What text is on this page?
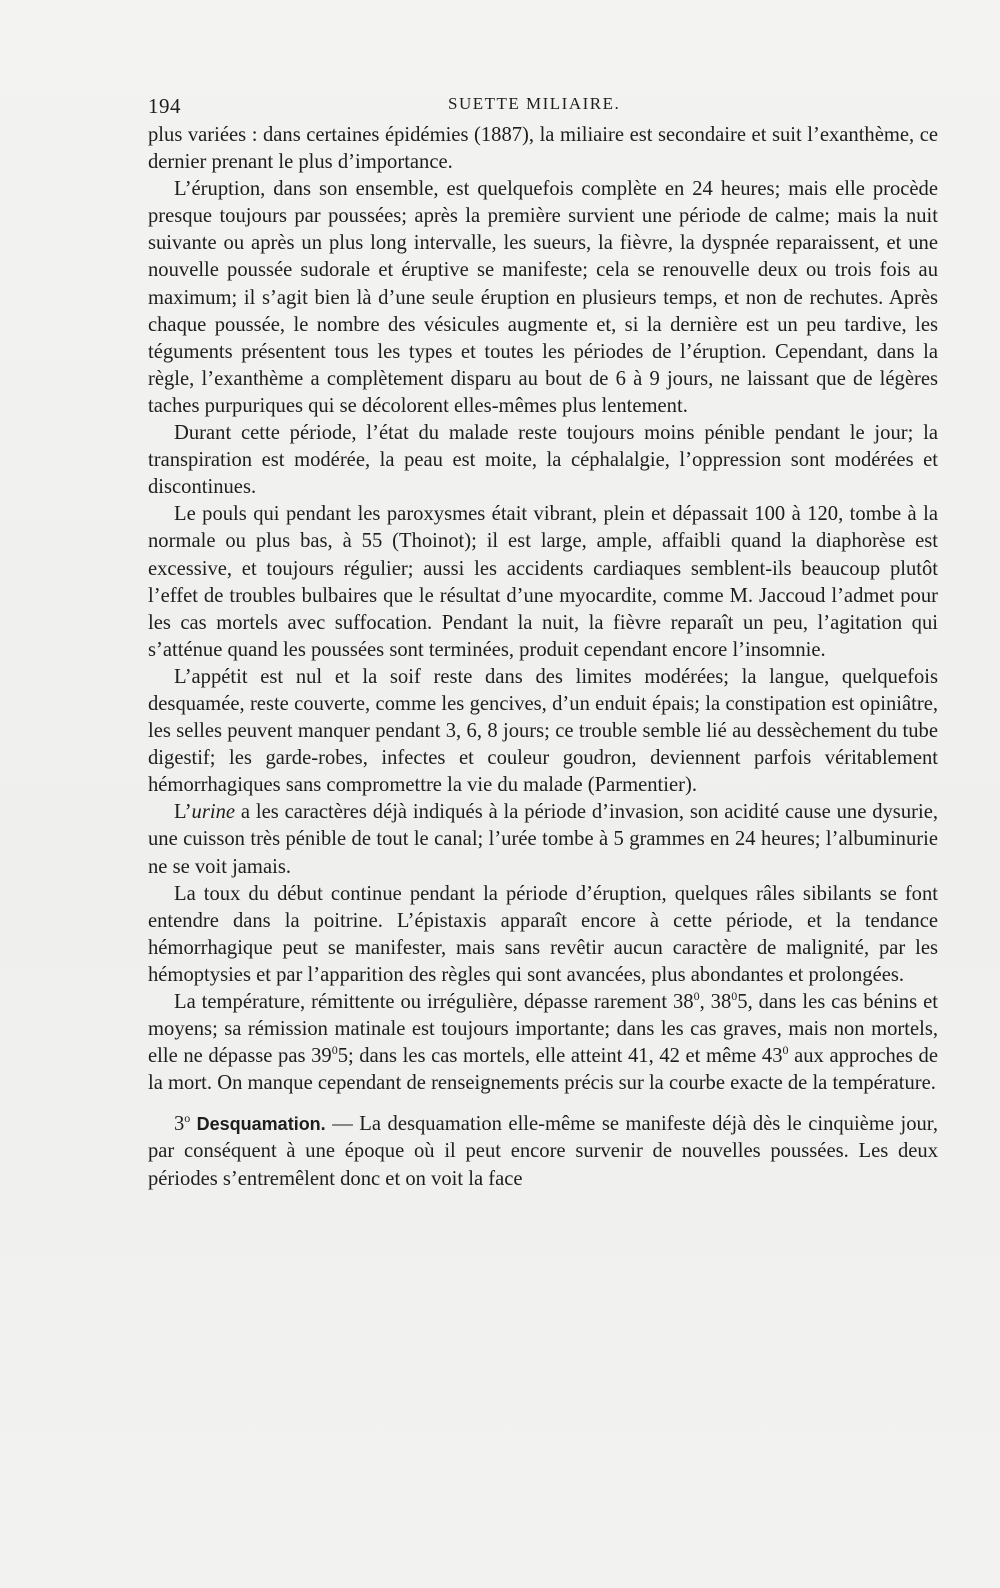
194	SUETTE MILIAIRE.

plus variées : dans certaines épidémies (1887), la miliaire est secondaire et suit l’exanthème, ce dernier prenant le plus d’importance.

L’éruption, dans son ensemble, est quelquefois complète en 24 heures; mais elle procède presque toujours par poussées; après la première survient une période de calme; mais la nuit suivante ou après un plus long intervalle, les sueurs, la fièvre, la dyspnée reparaissent, et une nouvelle poussée sudorale et éruptive se manifeste; cela se renouvelle deux ou trois fois au maximum; il s’agit bien là d’une seule éruption en plusieurs temps, et non de rechutes. Après chaque poussée, le nombre des vésicules augmente et, si la dernière est un peu tardive, les téguments présentent tous les types et toutes les périodes de l’éruption. Cependant, dans la règle, l’exanthème a complètement disparu au bout de 6 à 9 jours, ne laissant que de légères taches purpuriques qui se décolorent elles-mêmes plus lentement.

Durant cette période, l’état du malade reste toujours moins pénible pendant le jour; la transpiration est modérée, la peau est moite, la céphalalgie, l’oppression sont modérées et discontinues.

Le pouls qui pendant les paroxysmes était vibrant, plein et dépassait 100 à 120, tombe à la normale ou plus bas, à 55 (Thoinot); il est large, ample, affaibli quand la diaphorèse est excessive, et toujours régulier; aussi les accidents cardiaques semblent-ils beaucoup plutôt l’effet de troubles bulbaires que le résultat d’une myocardite, comme M. Jaccoud l’admet pour les cas mortels avec suffocation. Pendant la nuit, la fièvre reparaît un peu, l’agitation qui s’atténue quand les poussées sont terminées, produit cependant encore l’insomnie.

L’appétit est nul et la soif reste dans des limites modérées; la langue, quelquefois desquamée, reste couverte, comme les gencives, d’un enduit épais; la constipation est opiniâtre, les selles peuvent manquer pendant 3, 6, 8 jours; ce trouble semble lié au dessèchement du tube digestif; les garde-robes, infectes et couleur goudron, deviennent parfois véritablement hémorrhagiques sans compromettre la vie du malade (Parmentier).

L’urine a les caractères déjà indiqués à la période d’invasion, son acidité cause une dysurie, une cuisson très pénible de tout le canal; l’urée tombe à 5 grammes en 24 heures; l’albuminurie ne se voit jamais.

La toux du début continue pendant la période d’éruption, quelques râles sibilants se font entendre dans la poitrine. L’épistaxis apparaît encore à cette période, et la tendance hémorrhagique peut se manifester, mais sans revêtir aucun caractère de malignité, par les hémoptysies et par l’apparition des règles qui sont avancées, plus abondantes et prolongées.

La température, rémittente ou irrégulière, dépasse rarement $38^0$, $38^05$, dans les cas bénins et moyens; sa rémission matinale est toujours importante; dans les cas graves, mais non mortels, elle ne dépasse pas $39^05$; dans les cas mortels, elle atteint 41, 42 et même $43^0$ aux approches de la mort. On manque cependant de renseignements précis sur la courbe exacte de la température.

3$^o$ Desquamation. — La desquamation elle-même se manifeste déjà dès le cinquième jour, par conséquent à une époque où il peut encore survenir de nouvelles poussées. Les deux périodes s’entremêlent donc et on voit la face
